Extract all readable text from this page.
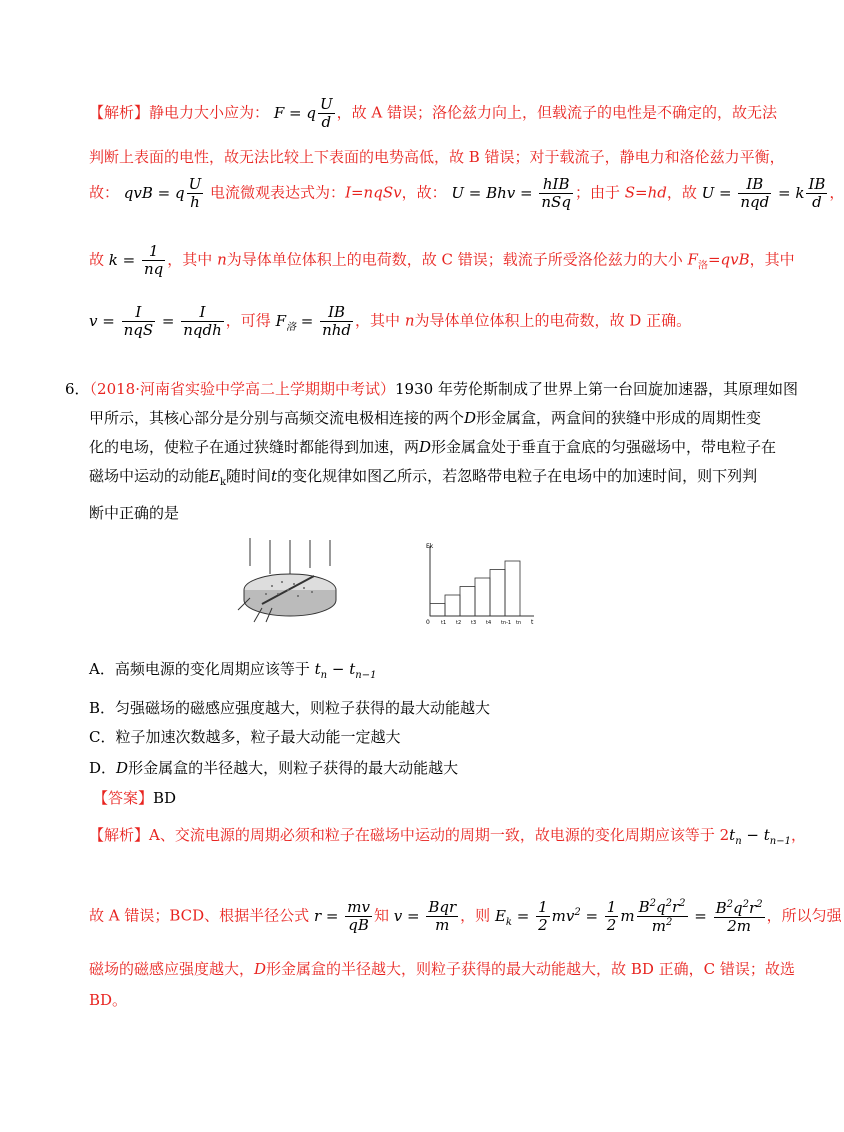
【解析】静电力大小应为： F = q $\frac{U}{d}$ ，故 A 错误；洛伦兹力向上，但载流子的电性是不确定的，故无法
判断上表面的电性，故无法比较上下表面的电势高低，故 B 错误；对于载流子，静电力和洛伦兹力平衡，
故： qvB = q $\frac{U}{h}$ 电流微观表达式为：I=nqSv，故： U = Bhv = $\frac{\text{hIB}}{\text{nSq}}$ ；由于 S=hd，故 $U = \frac{IB}{\text{nqd}} = k \frac{IB}{d}$ ，
故 $k = \frac{1}{nq}$ ，其中 n为导体单位体积上的电荷数，故 C 错误；载流子所受洛伦兹力的大小 $F_洛=qvB$，其中
$v = \frac{I}{\text{nqS}} = \frac{I}{\text{nqdh}}$ ，可得 $F_洛 = \frac{IB}{\text{nhd}}$ ，其中 n为导体单位体积上的电荷数，故 D 正确。
6．（2018·河南省实验中学高二上学期期中考试）1930 年劳伦斯制成了世界上第一台回旋加速器，其原理如图
甲所示，其核心部分是分别与高频交流电极相连接的两个D形金属盒，两盒间的狭缝中形成的周期性变
化的电场，使粒子在通过狭缝时都能得到加速，两D形金属盒处于垂直于盒底的匀强磁场中，带电粒子在
磁场中运动的动能$E_k$随时间t的变化规律如图乙所示，若忽略带电粒子在电场中的加速时间，则下列判
断中正确的是
Ek
t
0 t1 t2 t3 t4 tn-1 tn
A．高频电源的变化周期应该等于 $t_n - t_{n-1}$
B．匀强磁场的磁感应强度越大，则粒子获得的最大动能越大
C．粒子加速次数越多，粒子最大动能一定越大
D．D形金属盒的半径越大，则粒子获得的最大动能越大
【答案】BD
【解析】A、交流电源的周期必须和粒子在磁场中运动的周期一致，故电源的变化周期应该等于 $2t_n - t_{n-1}$，
故 A 错误；BCD、根据半径公式 $r = \frac{mv}{qB}$ 知 $v = \frac{\text{Bqr}}{m}$ ，则 $E_k = \frac{1}{2} mv^2 = \frac{1}{2}$ m $\frac{B^2q^2r^2}{m^2} = \frac{B^2q^2r^2}{2m}$ ，所以匀强
磁场的磁感应强度越大，D形金属盒的半径越大，则粒子获得的最大动能越大，故 BD 正确，C 错误；故选
BD。
